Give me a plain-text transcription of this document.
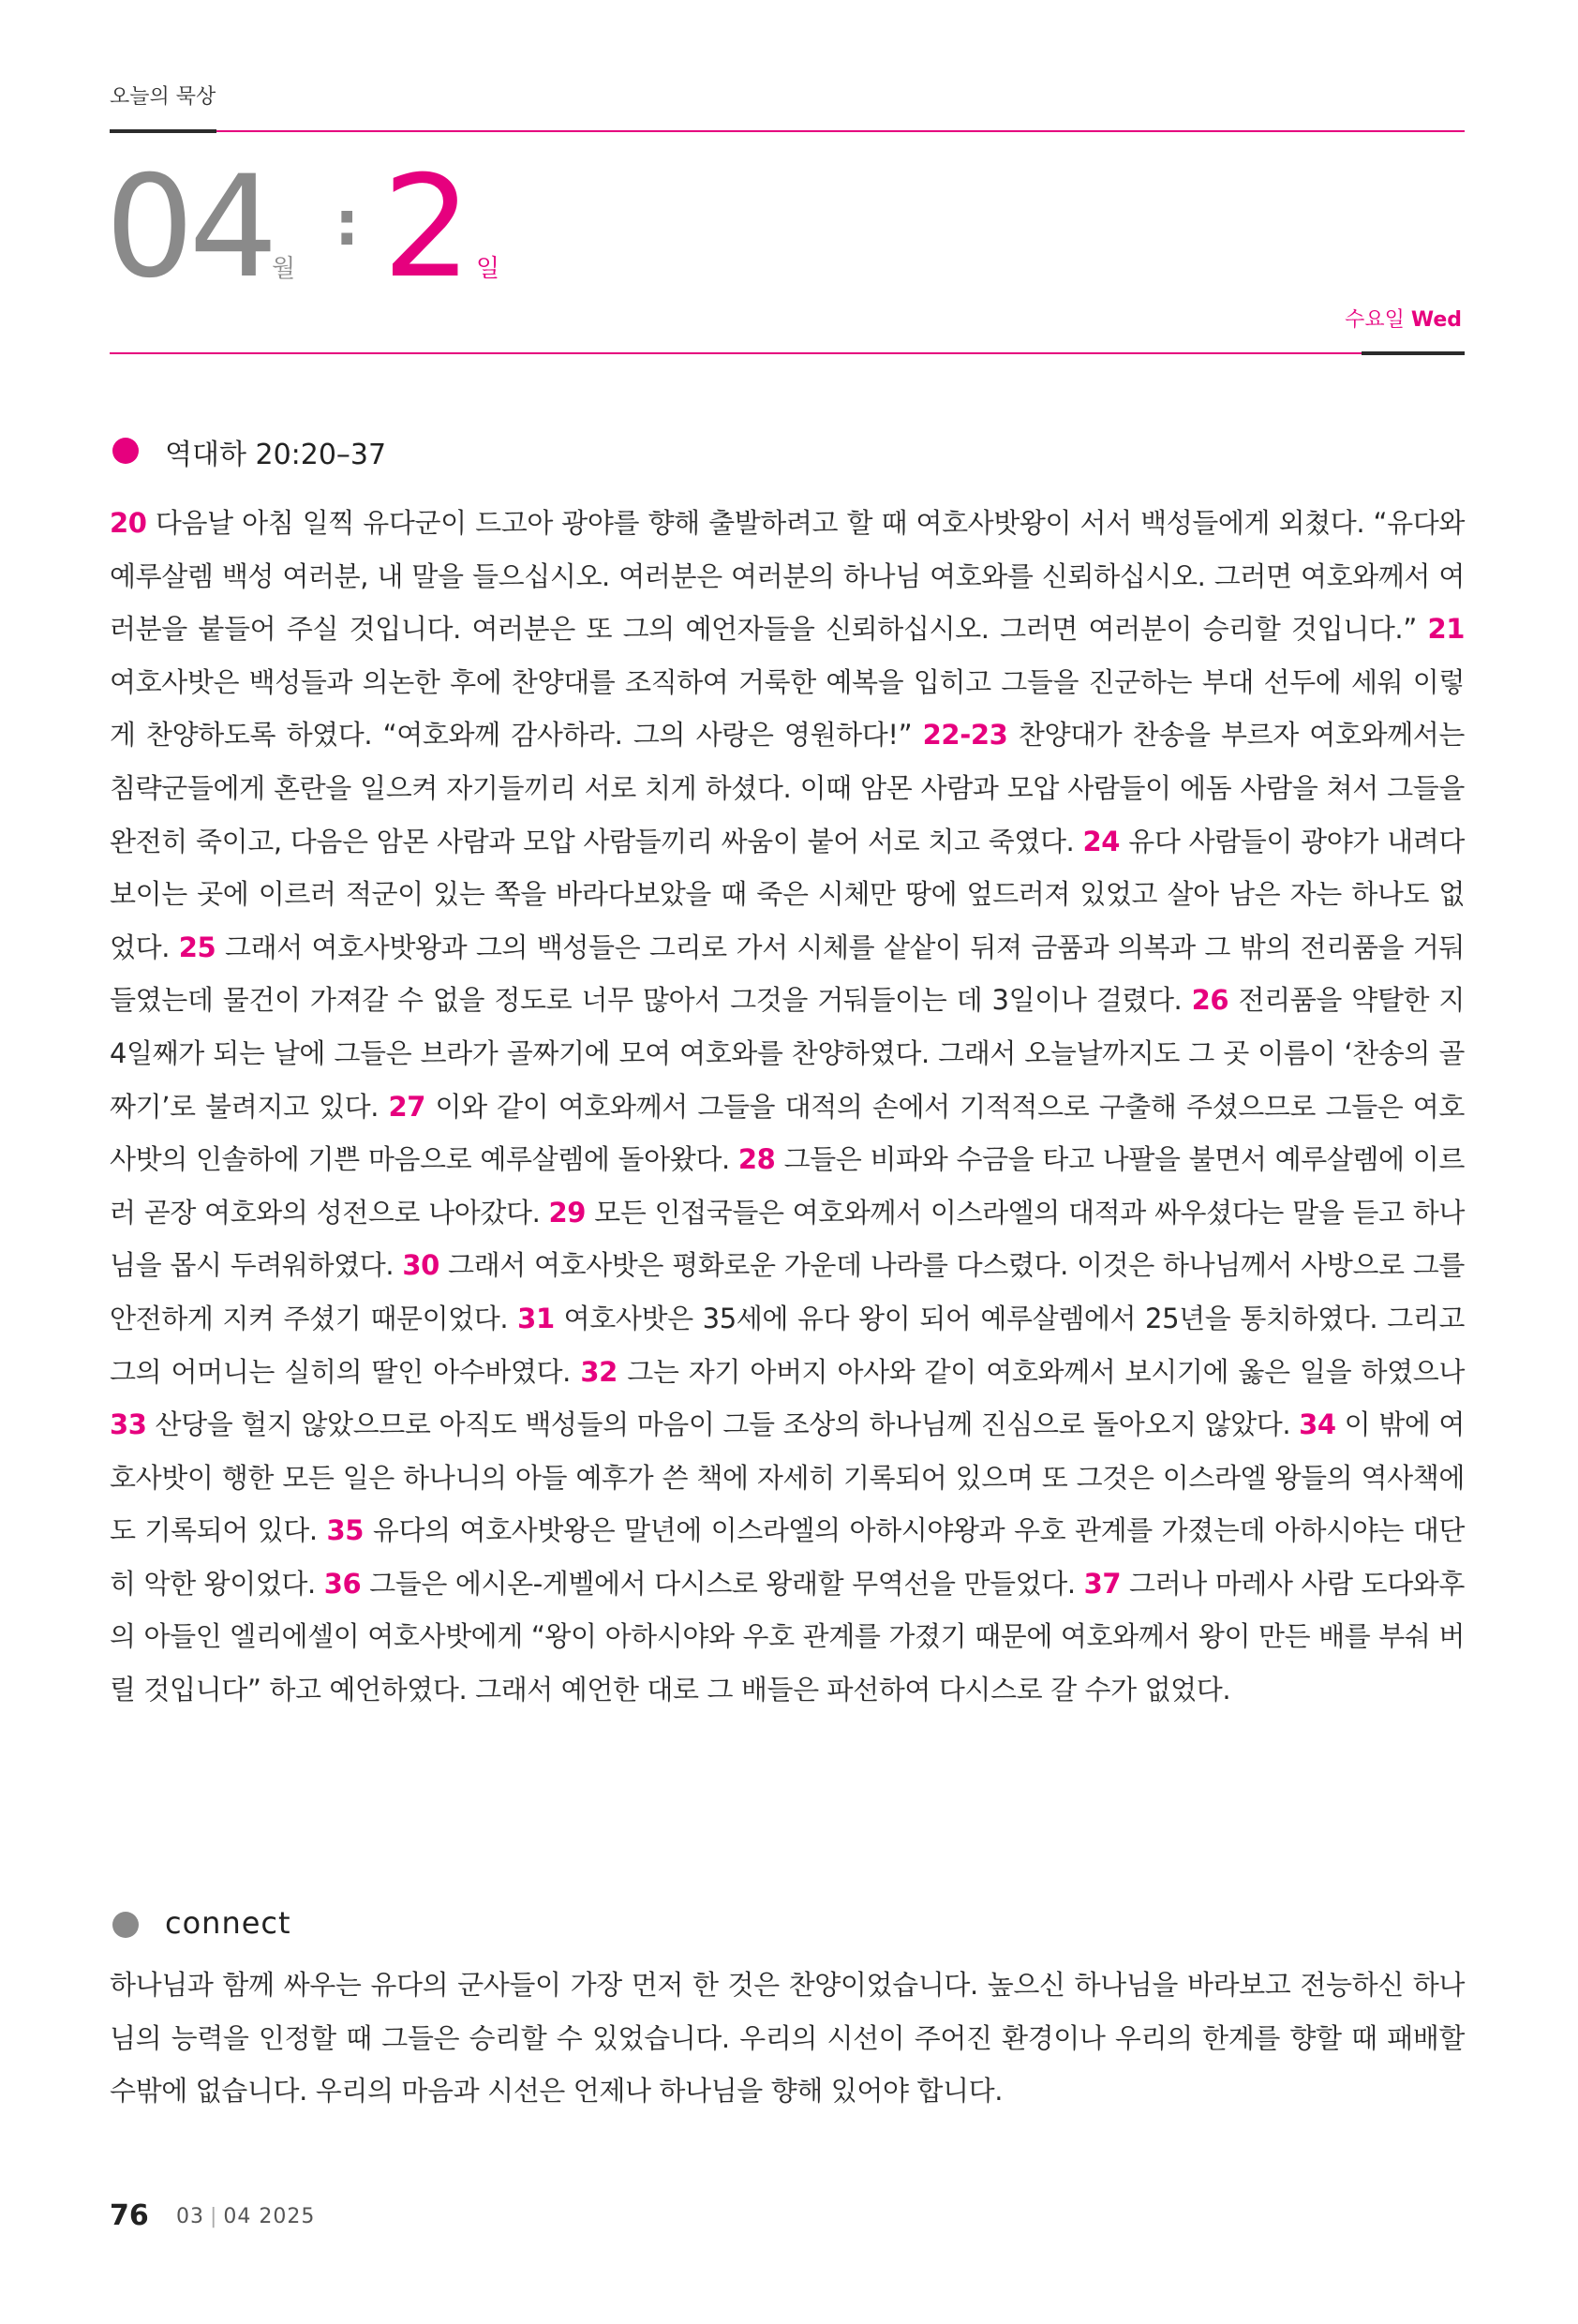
오늘의 묵상
04 월
: 2 일
수요일 Wed
역대하 20:20–37
20 다음날 아침 일찍 유다군이 드고아 광야를 향해 출발하려고 할 때 여호사밧왕이 서서 백성들에게 외쳤다. “유다와 예루살렘 백성 여러분, 내 말을 들으십시오. 여러분은 여러분의 하나님 여호와를 신뢰하십시오. 그러면 여호와께서 여러분을 붙들어 주실 것입니다. 여러분은 또 그의 예언자들을 신뢰하십시오. 그러면 여러분이 승리할 것입니다.” 21 여호사밧은 백성들과 의논한 후에 찬양대를 조직하여 거룩한 예복을 입히고 그들을 진군하는 부대 선두에 세워 이렇게 찬양하도록 하였다. “여호와께 감사하라. 그의 사랑은 영원하다!” 22-23 찬양대가 찬송을 부르자 여호와께서는 침략군들에게 혼란을 일으켜 자기들끼리 서로 치게 하셨다. 이때 암몬 사람과 모압 사람들이 에돔 사람을 쳐서 그들을 완전히 죽이고, 다음은 암몬 사람과 모압 사람들끼리 싸움이 붙어 서로 치고 죽였다. 24 유다 사람들이 광야가 내려다보이는 곳에 이르러 적군이 있는 쪽을 바라다보았을 때 죽은 시체만 땅에 엎드러져 있었고 살아 남은 자는 하나도 없었다. 25 그래서 여호사밧왕과 그의 백성들은 그리로 가서 시체를 샅샅이 뒤져 금품과 의복과 그 밖의 전리품을 거둬들였는데 물건이 가져갈 수 없을 정도로 너무 많아서 그것을 거둬들이는 데 3일이나 걸렸다. 26 전리품을 약탈한 지 4일째가 되는 날에 그들은 브라가 골짜기에 모여 여호와를 찬양하였다. 그래서 오늘날까지도 그 곳 이름이 ‘찬송의 골짜기’로 불려지고 있다. 27 이와 같이 여호와께서 그들을 대적의 손에서 기적적으로 구출해 주셨으므로 그들은 여호사밧의 인솔하에 기쁜 마음으로 예루살렘에 돌아왔다. 28 그들은 비파와 수금을 타고 나팔을 불면서 예루살렘에 이르러 곧장 여호와의 성전으로 나아갔다. 29 모든 인접국들은 여호와께서 이스라엘의 대적과 싸우셨다는 말을 듣고 하나님을 몹시 두려워하였다. 30 그래서 여호사밧은 평화로운 가운데 나라를 다스렸다. 이것은 하나님께서 사방으로 그를 안전하게 지켜 주셨기 때문이었다. 31 여호사밧은 35세에 유다 왕이 되어 예루살렘에서 25년을 통치하였다. 그리고 그의 어머니는 실히의 딸인 아수바였다. 32 그는 자기 아버지 아사와 같이 여호와께서 보시기에 옳은 일을 하였으나 33 산당을 헐지 않았으므로 아직도 백성들의 마음이 그들 조상의 하나님께 진심으로 돌아오지 않았다. 34 이 밖에 여호사밧이 행한 모든 일은 하나니의 아들 예후가 쓴 책에 자세히 기록되어 있으며 또 그것은 이스라엘 왕들의 역사책에도 기록되어 있다. 35 유다의 여호사밧왕은 말년에 이스라엘의 아하시야왕과 우호 관계를 가졌는데 아하시야는 대단히 악한 왕이었다. 36 그들은 에시온-게벨에서 다시스로 왕래할 무역선을 만들었다. 37 그러나 마레사 사람 도다와후의 아들인 엘리에셀이 여호사밧에게 “왕이 아하시야와 우호 관계를 가졌기 때문에 여호와께서 왕이 만든 배를 부숴 버릴 것입니다” 하고 예언하였다. 그래서 예언한 대로 그 배들은 파선하여 다시스로 갈 수가 없었다.
connect
하나님과 함께 싸우는 유다의 군사들이 가장 먼저 한 것은 찬양이었습니다. 높으신 하나님을 바라보고 전능하신 하나님의 능력을 인정할 때 그들은 승리할 수 있었습니다. 우리의 시선이 주어진 환경이나 우리의 한계를 향할 때 패배할 수밖에 없습니다. 우리의 마음과 시선은 언제나 하나님을 향해 있어야 합니다.
76 03 | 04 2025
